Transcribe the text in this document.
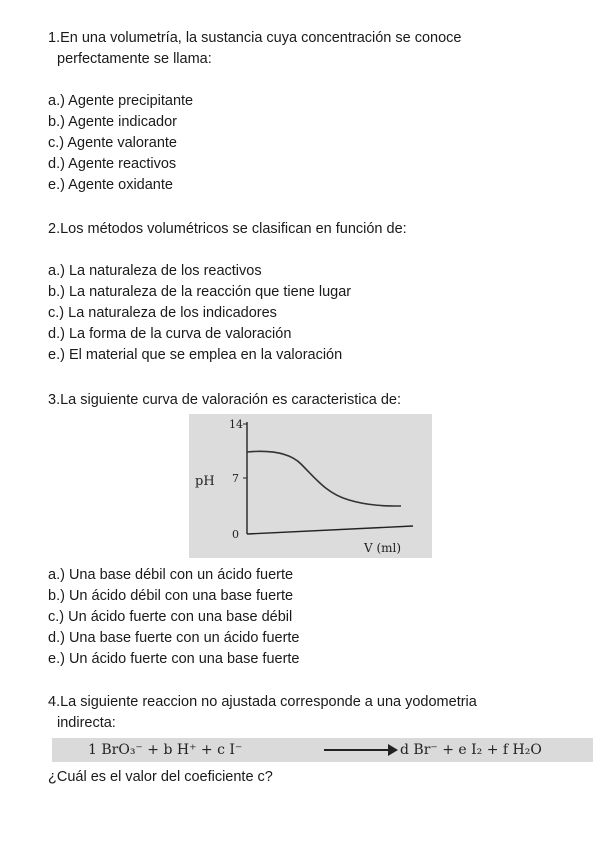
1.En una volumetría, la sustancia cuya concentración se conoce

perfectamente se llama:

a.) Agente precipitante
b.) Agente indicador
c.) Agente valorante
d.) Agente reactivos
e.) Agente oxidante

2.Los métodos volumétricos se clasifican en función de:

a.) La naturaleza de los reactivos
b.) La naturaleza de la reacción que tiene lugar
c.) La naturaleza de los indicadores
d.) La forma de la curva de valoración
e.) El material que se emplea en la valoración

3.La siguiente curva de valoración es caracteristica de:

a.) Una base débil con un ácido fuerte
b.) Un ácido débil con una base fuerte
c.) Un ácido fuerte con una base débil
d.) Una base fuerte con un ácido fuerte
e.) Un ácido fuerte con una base fuerte
14
7
0
pH
V (ml)

4.La siguiente reaccion no ajustada corresponde a una yodometria

indirecta:

1 BrO₃⁻ + b H⁺ + c I⁻	d Br⁻ + e I₂ + f H₂O

¿Cuál es el valor del coeficiente c?
